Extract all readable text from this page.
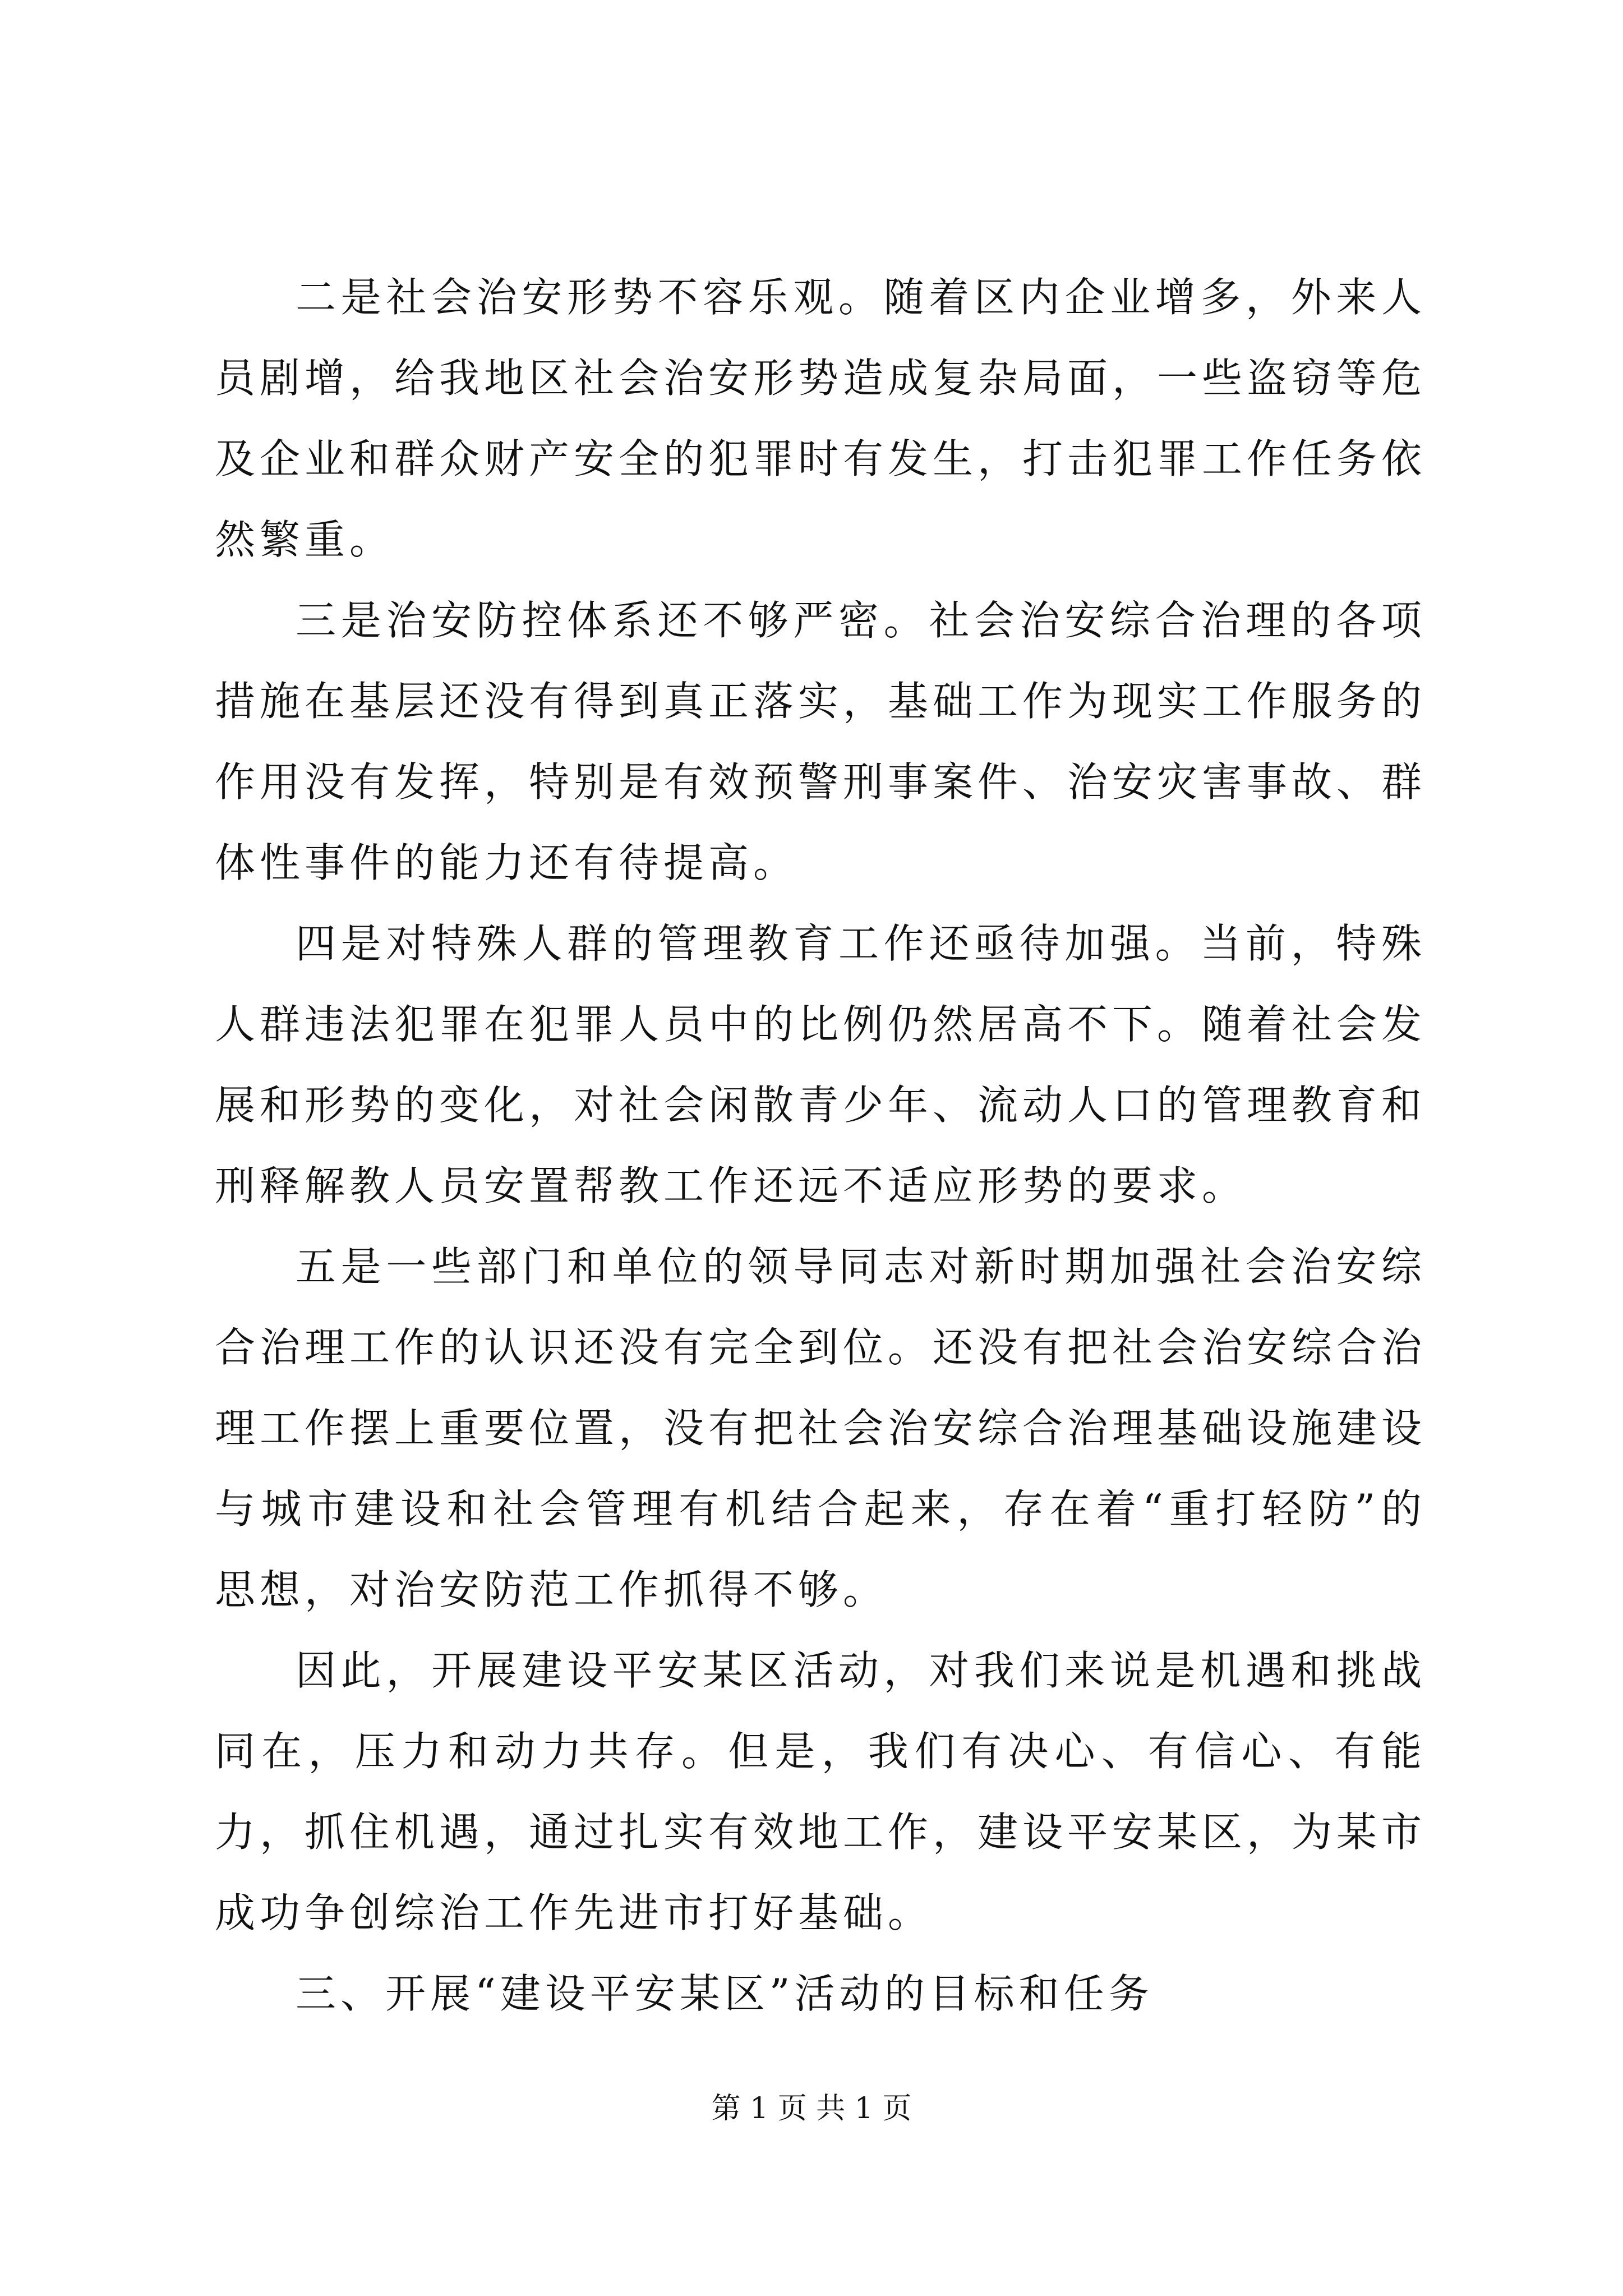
二是社会治安形势不容乐观。随着区内企业增多，外来人员剧增，给我地区社会治安形势造成复杂局面，一些盗窃等危及企业和群众财产安全的犯罪时有发生，打击犯罪工作任务依然繁重。

三是治安防控体系还不够严密。社会治安综合治理的各项措施在基层还没有得到真正落实，基础工作为现实工作服务的作用没有发挥，特别是有效预警刑事案件、治安灾害事故、群体性事件的能力还有待提高。

四是对特殊人群的管理教育工作还亟待加强。当前，特殊人群违法犯罪在犯罪人员中的比例仍然居高不下。随着社会发展和形势的变化，对社会闲散青少年、流动人口的管理教育和刑释解教人员安置帮教工作还远不适应形势的要求。

五是一些部门和单位的领导同志对新时期加强社会治安综合治理工作的认识还没有完全到位。还没有把社会治安综合治理工作摆上重要位置，没有把社会治安综合治理基础设施建设与城市建设和社会管理有机结合起来，存在着“重打轻防”的思想，对治安防范工作抓得不够。

因此，开展建设平安某区活动，对我们来说是机遇和挑战同在，压力和动力共存。但是，我们有决心、有信心、有能力，抓住机遇，通过扎实有效地工作，建设平安某区，为某市成功争创综治工作先进市打好基础。

三、开展“建设平安某区”活动的目标和任务

第 1 页 共 1 页
